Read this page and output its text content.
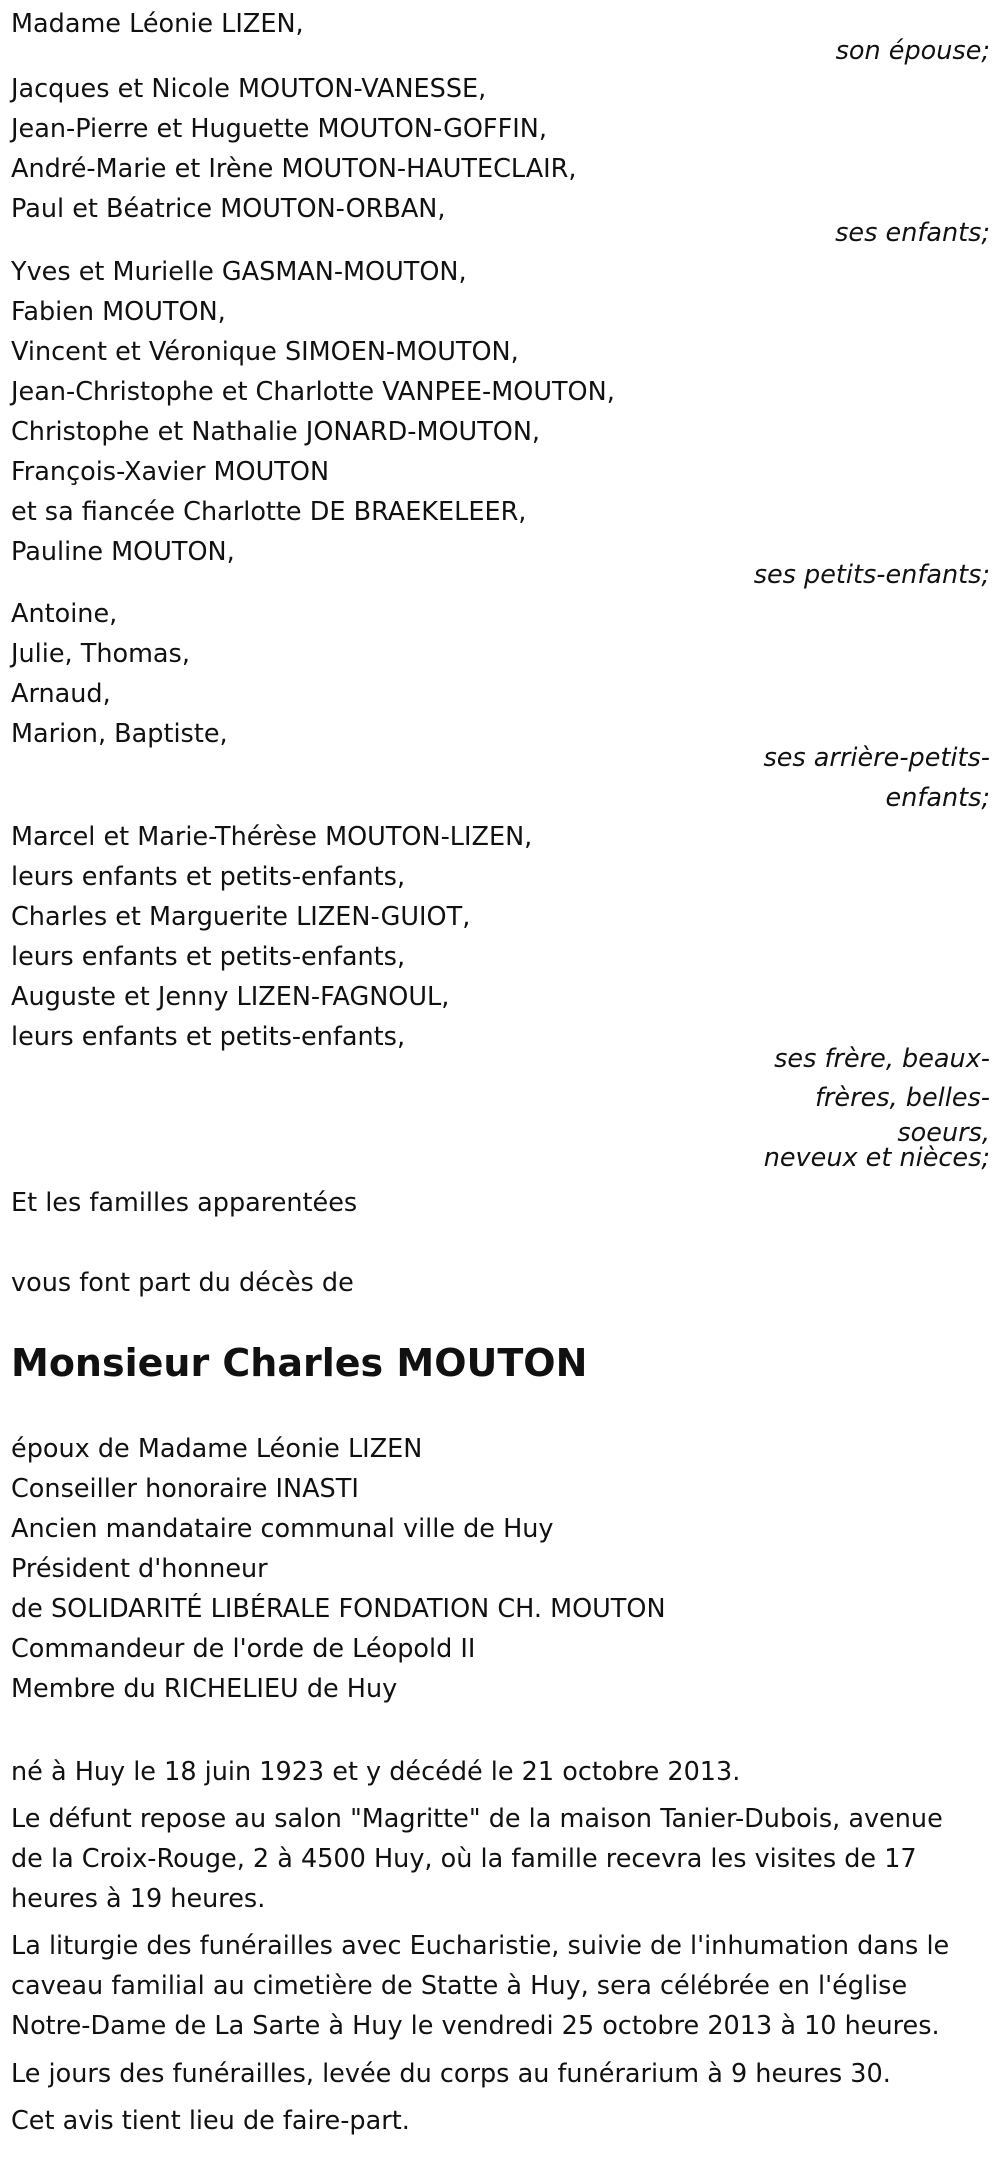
Madame Léonie LIZEN,
son épouse;
Jacques et Nicole MOUTON-VANESSE,
Jean-Pierre et Huguette MOUTON-GOFFIN,
André-Marie et Irène MOUTON-HAUTECLAIR,
Paul et Béatrice MOUTON-ORBAN,
ses enfants;
Yves et Murielle GASMAN-MOUTON,
Fabien MOUTON,
Vincent et Véronique SIMOEN-MOUTON,
Jean-Christophe et Charlotte VANPEE-MOUTON,
Christophe et Nathalie JONARD-MOUTON,
François-Xavier MOUTON
et sa fiancée Charlotte DE BRAEKELEER,
Pauline MOUTON,
ses petits-enfants;
Antoine,
Julie, Thomas,
Arnaud,
Marion, Baptiste,
ses arrière-petits-
enfants;
Marcel et Marie-Thérèse MOUTON-LIZEN,
leurs enfants et petits-enfants,
Charles et Marguerite LIZEN-GUIOT,
leurs enfants et petits-enfants,
Auguste et Jenny LIZEN-FAGNOUL,
leurs enfants et petits-enfants,
ses frère, beaux-
frères, belles-
soeurs,
neveux et nièces;
Et les familles apparentées
vous font part du décès de
Monsieur Charles MOUTON
époux de Madame Léonie LIZEN
Conseiller honoraire INASTI
Ancien mandataire communal ville de Huy
Président d'honneur
de SOLIDARITÉ LIBÉRALE FONDATION CH. MOUTON
Commandeur de l'orde de Léopold II
Membre du RICHELIEU de Huy
né à Huy le 18 juin 1923 et y décédé le 21 octobre 2013.
Le défunt repose au salon "Magritte" de la maison Tanier-Dubois, avenue
de la Croix-Rouge, 2 à 4500 Huy, où la famille recevra les visites de 17
heures à 19 heures.
La liturgie des funérailles avec Eucharistie, suivie de l'inhumation dans le
caveau familial au cimetière de Statte à Huy, sera célébrée en l'église
Notre-Dame de La Sarte à Huy le vendredi 25 octobre 2013 à 10 heures.
Le jours des funérailles, levée du corps au funérarium à 9 heures 30.
Cet avis tient lieu de faire-part.
